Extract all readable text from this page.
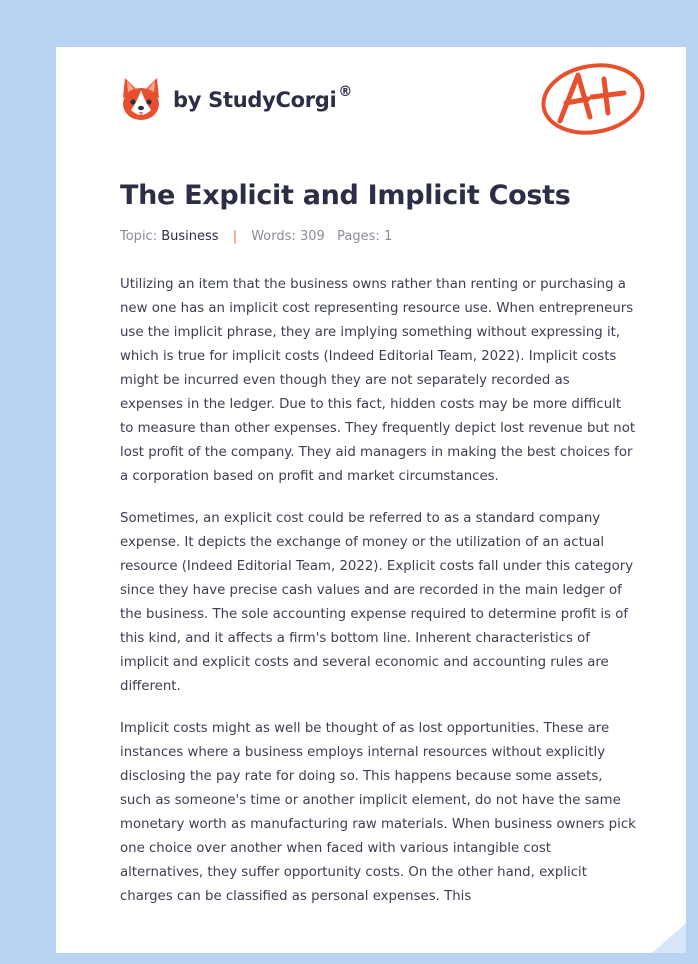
by StudyCorgi ®
The Explicit and Implicit Costs
Topic: Business | Words: 309 Pages: 1

Utilizing an item that the business owns rather than renting or purchasing a new one has an implicit cost representing resource use. When entrepreneurs use the implicit phrase, they are implying something without expressing it, which is true for implicit costs (Indeed Editorial Team, 2022). Implicit costs might be incurred even though they are not separately recorded as expenses in the ledger. Due to this fact, hidden costs may be more difficult to measure than other expenses. They frequently depict lost revenue but not lost profit of the company. They aid managers in making the best choices for a corporation based on profit and market circumstances.

Sometimes, an explicit cost could be referred to as a standard company expense. It depicts the exchange of money or the utilization of an actual resource (Indeed Editorial Team, 2022). Explicit costs fall under this category since they have precise cash values and are recorded in the main ledger of the business. The sole accounting expense required to determine profit is of this kind, and it affects a firm's bottom line. Inherent characteristics of implicit and explicit costs and several economic and accounting rules are different.

Implicit costs might as well be thought of as lost opportunities. These are instances where a business employs internal resources without explicitly disclosing the pay rate for doing so. This happens because some assets, such as someone's time or another implicit element, do not have the same monetary worth as manufacturing raw materials. When business owners pick one choice over another when faced with various intangible cost alternatives, they suffer opportunity costs. On the other hand, explicit charges can be classified as personal expenses. This
